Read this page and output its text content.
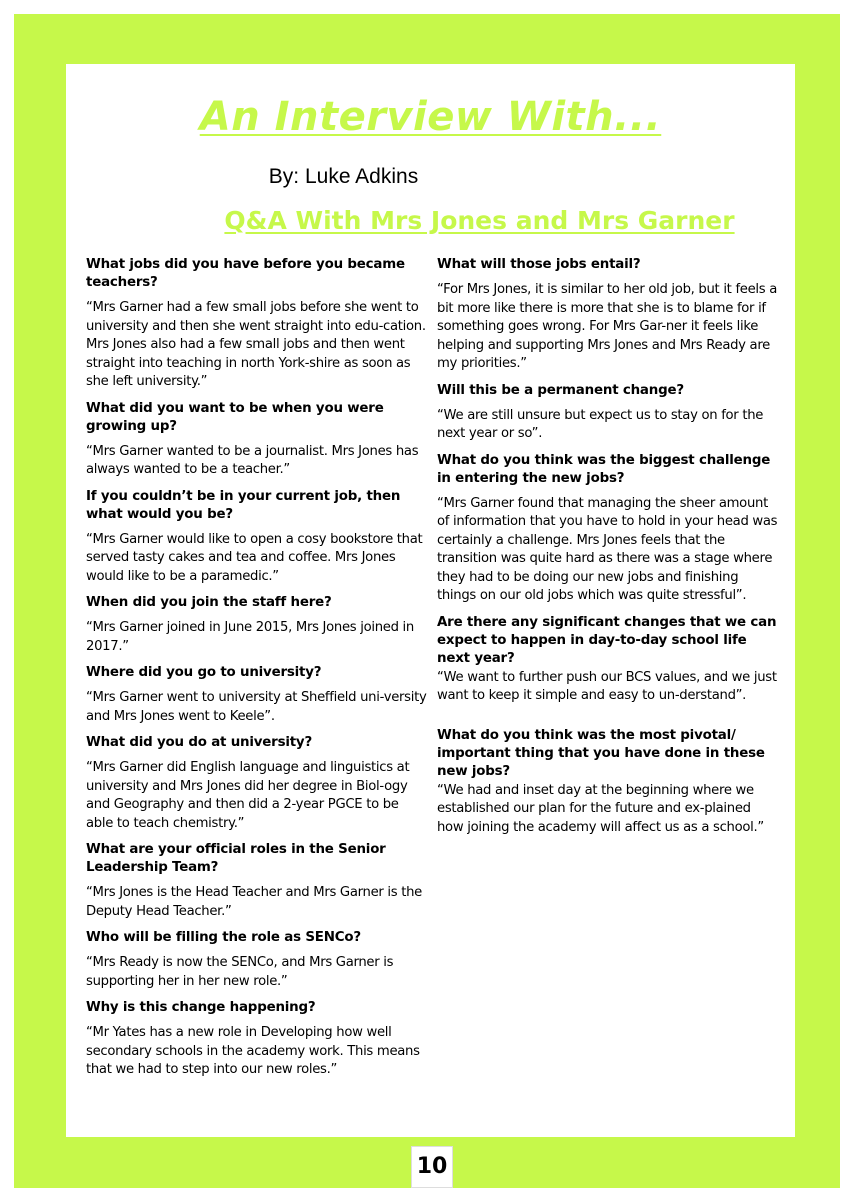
An Interview With...
By: Luke Adkins
Q&A With Mrs Jones and Mrs Garner
What jobs did you have before you became teachers?
“Mrs Garner had a few small jobs before she went to university and then she went straight into edu-cation. Mrs Jones also had a few small jobs and then went straight into teaching in north York-shire as soon as she left university.”
What did you want to be when you were growing up?
“Mrs Garner wanted to be a journalist. Mrs Jones has always wanted to be a teacher.”
If you couldn’t be in your current job, then what would you be?
“Mrs Garner would like to open a cosy bookstore that served tasty cakes and tea and coffee. Mrs Jones would like to be a paramedic.”
When did you join the staff here?
“Mrs Garner joined in June 2015, Mrs Jones joined in 2017.”
Where did you go to university?
“Mrs Garner went to university at Sheffield uni-versity and Mrs Jones went to Keele”.
What did you do at university?
“Mrs Garner did English language and linguistics at university and Mrs Jones did her degree in Biol-ogy and Geography and then did a 2-year PGCE to be able to teach chemistry.”
What are your official roles in the Senior Leadership Team?
“Mrs Jones is the Head Teacher and Mrs Garner is the Deputy Head Teacher.”
Who will be filling the role as SENCo?
“Mrs Ready is now the SENCo, and Mrs Garner is supporting her in her new role.”
Why is this change happening?
“Mr Yates has a new role in Developing how well secondary schools in the academy work. This means that we had to step into our new roles.”
What will those jobs entail?
“For Mrs Jones, it is similar to her old job, but it feels a bit more like there is more that she is to blame for if something goes wrong. For Mrs Gar-ner it feels like helping and supporting Mrs Jones and Mrs Ready are my priorities.”
Will this be a permanent change?
“We are still unsure but expect us to stay on for the next year or so”.
What do you think was the biggest challenge in entering the new jobs?
“Mrs Garner found that managing the sheer amount of information that you have to hold in your head was certainly a challenge. Mrs Jones feels that the transition was quite hard as there was a stage where they had to be doing our new jobs and finishing things on our old jobs which was quite stressful”.
Are there any significant changes that we can expect to happen in day-to-day school life next year?
“We want to further push our BCS values, and we just want to keep it simple and easy to un-derstand”.
What do you think was the most pivotal/ important thing that you have done in these new jobs?
“We had and inset day at the beginning where we established our plan for the future and ex-plained how joining the academy will affect us as a school.”
10
